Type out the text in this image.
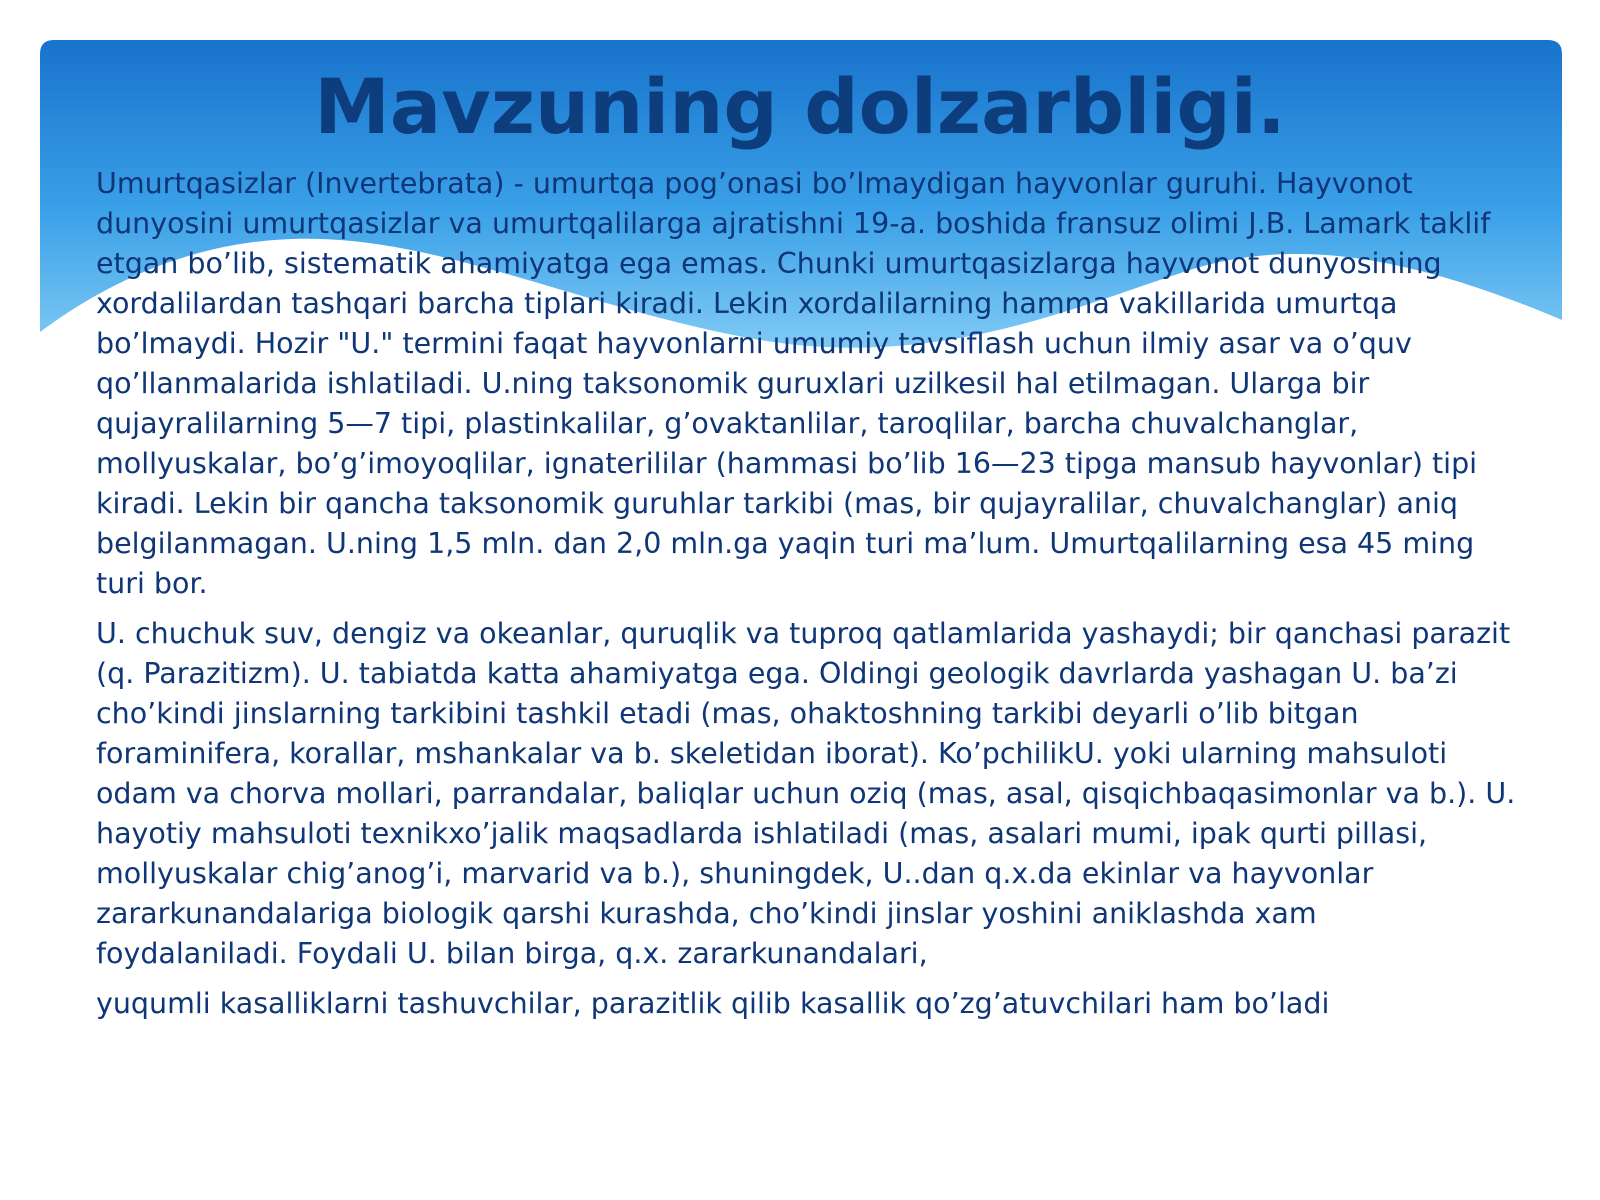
Mavzuning dolzarbligi.

Umurtqasizlar (Invertebrata) - umurtqa pog’onasi bo’lmaydigan hayvonlar guruhi. Hayvonot dunyosini umurtqasizlar va umurtqalilarga ajratishni 19-a. boshida fransuz olimi J.B. Lamark taklif etgan bo’lib, sistematik ahamiyatga ega emas. Chunki umurtqasizlarga hayvonot dunyosining xordalilardan tashqari barcha tiplari kiradi. Lekin xordalilarning hamma vakillarida umurtqa bo’lmaydi. Hozir "U." termini faqat hayvonlarni umumiy tavsiflash uchun ilmiy asar va o’quv qo’llanmalarida ishlatiladi. U.ning taksonomik guruxlari uzilkesil hal etilmagan. Ularga bir qujayralilarning 5—7 tipi, plastinkalilar, g’ovaktanlilar, taroqlilar, barcha chuvalchanglar, mollyuskalar, bo’g’imoyoqlilar, ignaterililar (hammasi bo’lib 16—23 tipga mansub hayvonlar) tipi kiradi. Lekin bir qancha taksonomik guruhlar tarkibi (mas, bir qujayralilar, chuvalchanglar) aniq belgilanmagan. U.ning 1,5 mln. dan 2,0 mln.ga yaqin turi ma’lum. Umurtqalilarning esa 45 ming turi bor.

U. chuchuk suv, dengiz va okeanlar, quruqlik va tuproq qatlamlarida yashaydi; bir qanchasi parazit (q. Parazitizm). U. tabiatda katta ahamiyatga ega. Oldingi geologik davrlarda yashagan U. ba’zi cho’kindi jinslarning tarkibini tashkil etadi (mas, ohaktoshning tarkibi deyarli o’lib bitgan foraminifera, korallar, mshankalar va b. skeletidan iborat). Ko’pchilikU. yoki ularning mahsuloti odam va chorva mollari, parrandalar, baliqlar uchun oziq (mas, asal, qisqichbaqasimonlar va b.). U. hayotiy mahsuloti texnikxo’jalik maqsadlarda ishlatiladi (mas, asalari mumi, ipak qurti pillasi, mollyuskalar chig’anog’i, marvarid va b.), shuningdek, U..dan q.x.da ekinlar va hayvonlar zararkunandalariga biologik qarshi kurashda, cho’kindi jinslar yoshini aniklashda xam foydalaniladi. Foydali U. bilan birga, q.x. zararkunandalari,

yuqumli kasalliklarni tashuvchilar, parazitlik qilib kasallik qo’zg’atuvchilari ham bo’ladi
